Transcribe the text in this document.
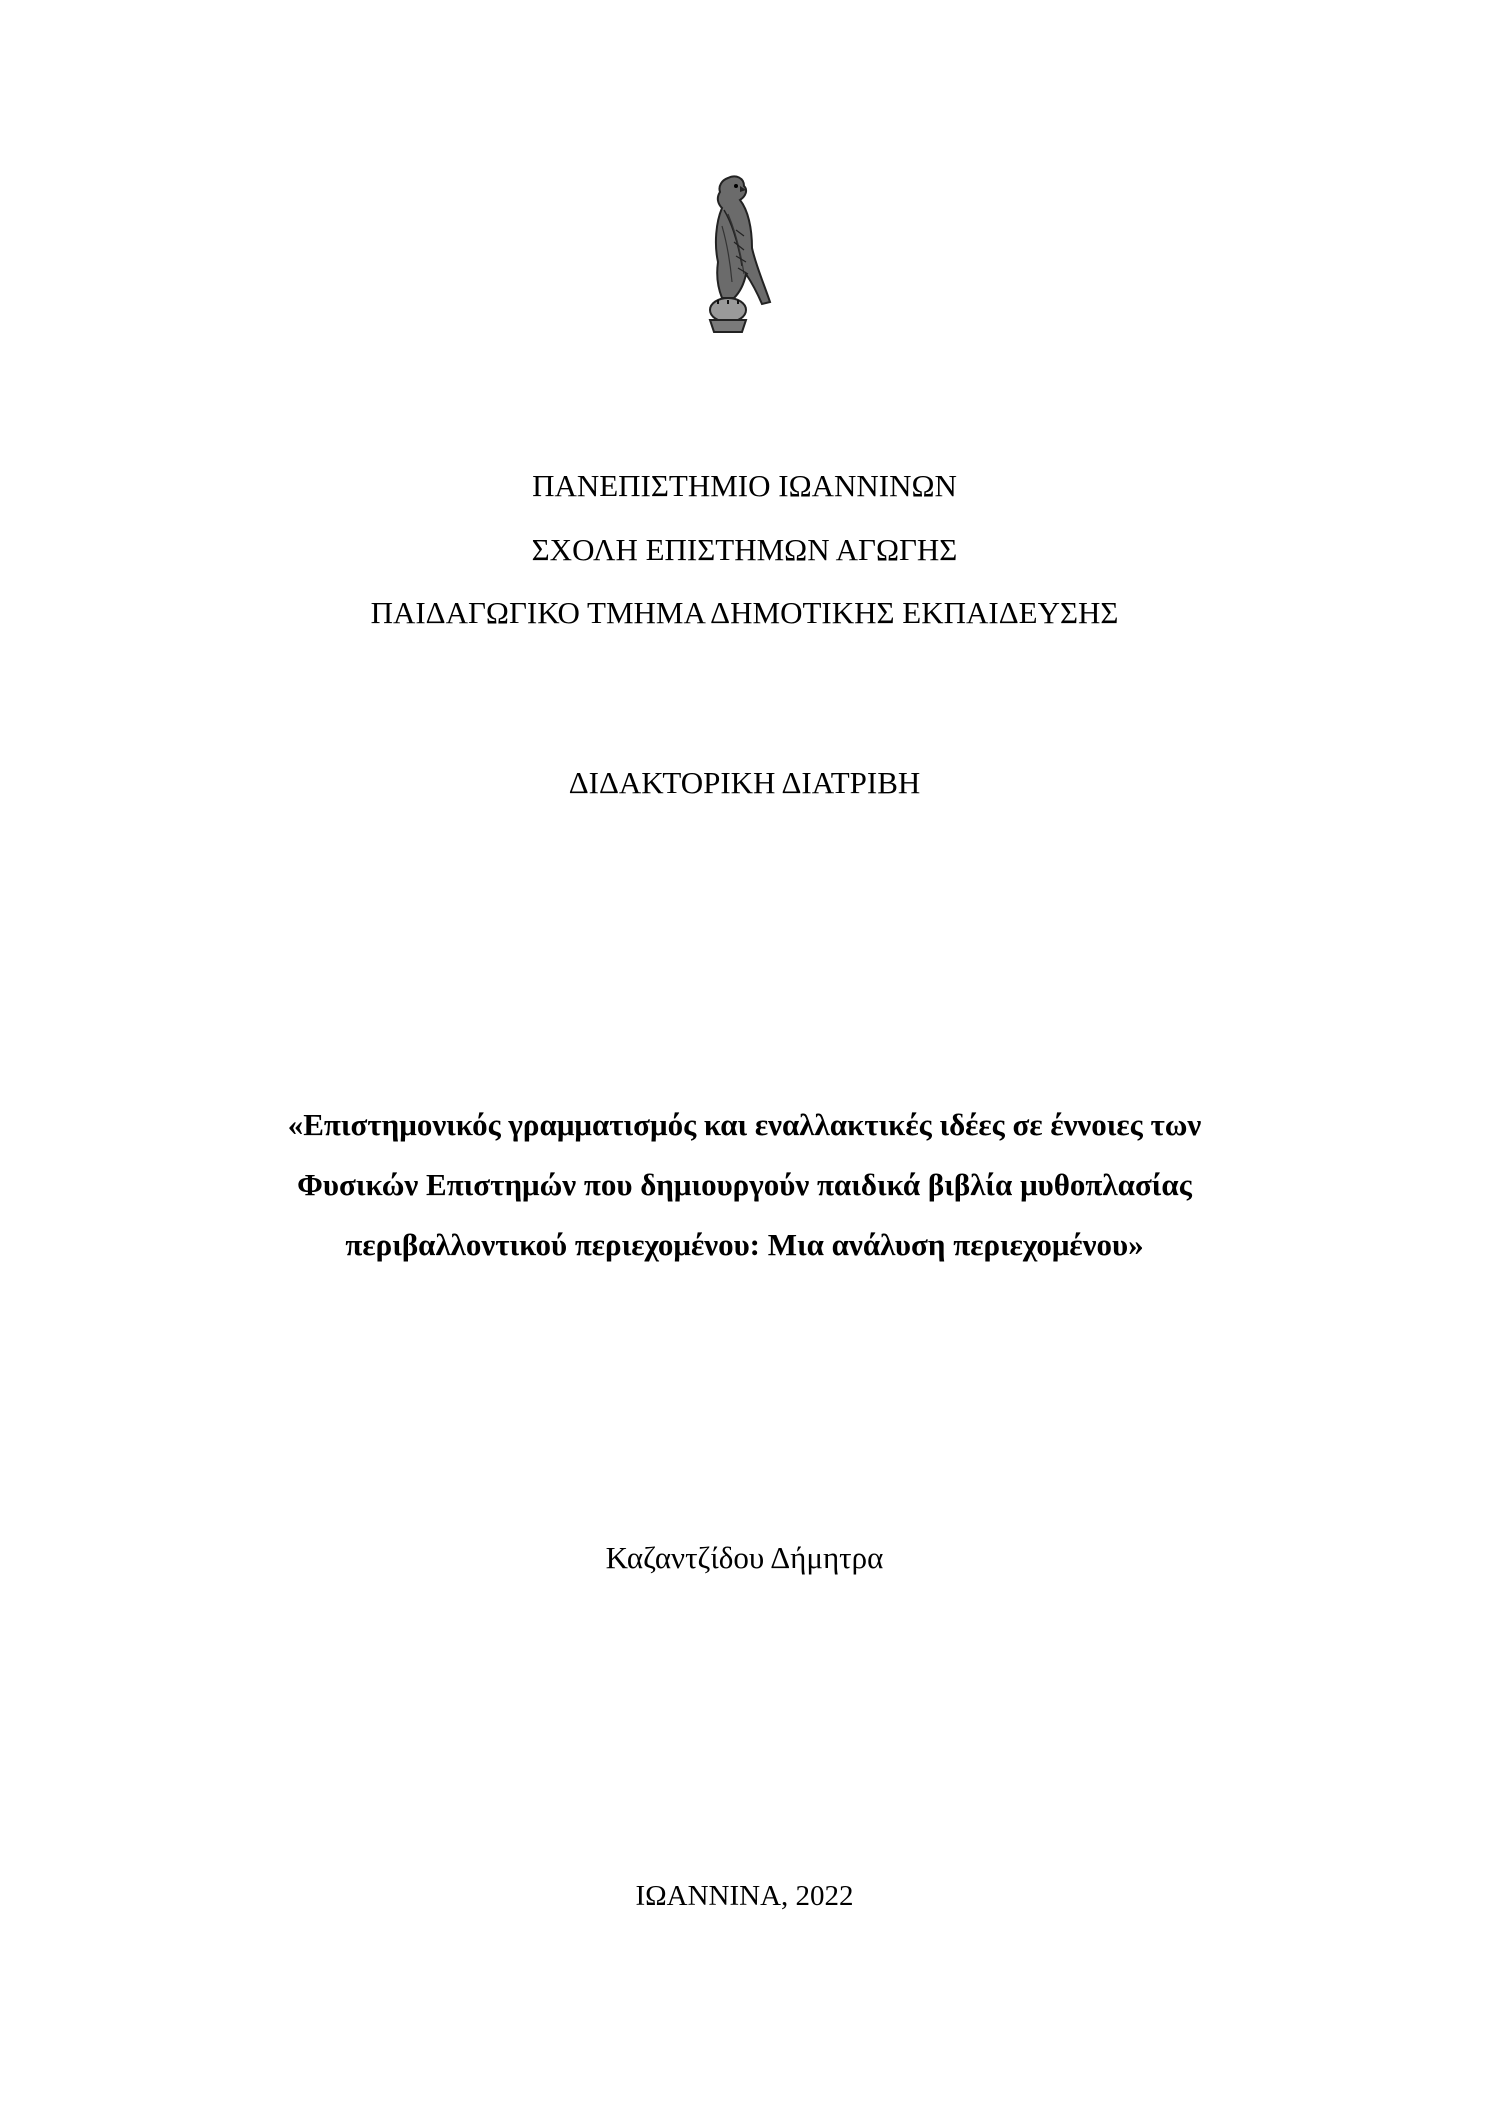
ΠΑΝΕΠΙΣΤΗΜΙΟ ΙΩΑΝΝΙΝΩΝ
ΣΧΟΛΗ ΕΠΙΣΤΗΜΩΝ ΑΓΩΓΗΣ
ΠΑΙΔΑΓΩΓΙΚΟ ΤΜΗΜΑ ΔΗΜΟΤΙΚΗΣ ΕΚΠΑΙΔΕΥΣΗΣ
ΔΙΔΑΚΤΟΡΙΚΗ ΔΙΑΤΡΙΒΗ
«Επιστημονικός γραμματισμός και εναλλακτικές ιδέες σε έννοιες των
Φυσικών Επιστημών που δημιουργούν παιδικά βιβλία μυθοπλασίας
περιβαλλοντικού περιεχομένου: Μια ανάλυση περιεχομένου»
Καζαντζίδου Δήμητρα
ΙΩΑΝΝΙΝΑ, 2022
